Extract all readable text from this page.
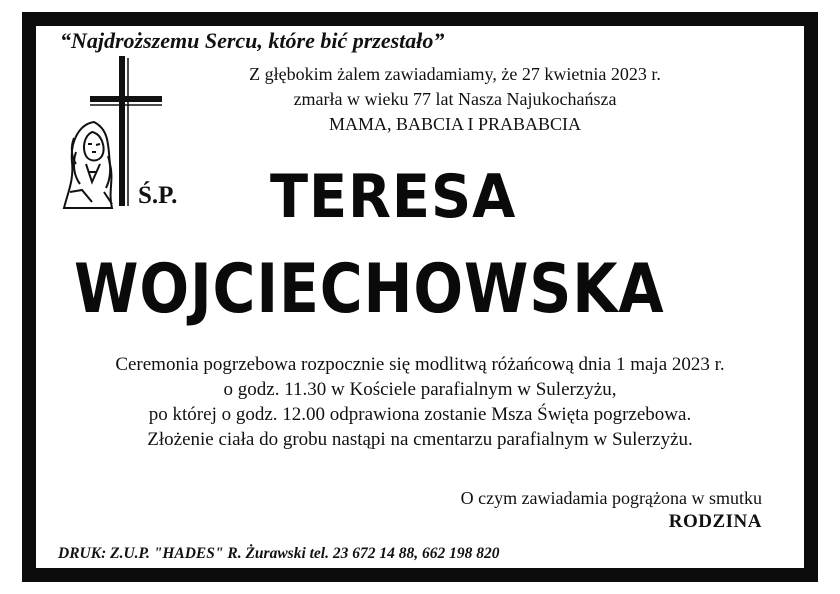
“Najdroższemu Sercu, które bić przestało”
Z głębokim żalem zawiadamiamy, że 27 kwietnia 2023 r.
zmarła w wieku 77 lat Nasza Najukochańsza
MAMA, BABCIA I PRABABCIA
Ś.P. TERESA
WOJCIECHOWSKA
Ceremonia pogrzebowa rozpocznie się modlitwą różańcową dnia 1 maja 2023 r.
o godz. 11.30 w Kościele parafialnym w Sulerzyżu,
po której o godz. 12.00 odprawiona zostanie Msza Święta pogrzebowa.
Złożenie ciała do grobu nastąpi na cmentarzu parafialnym w Sulerzyżu.
O czym zawiadamia pogrążona w smutku
RODZINA
DRUK: Z.U.P. "HADES" R. Żurawski tel. 23 672 14 88, 662 198 820
